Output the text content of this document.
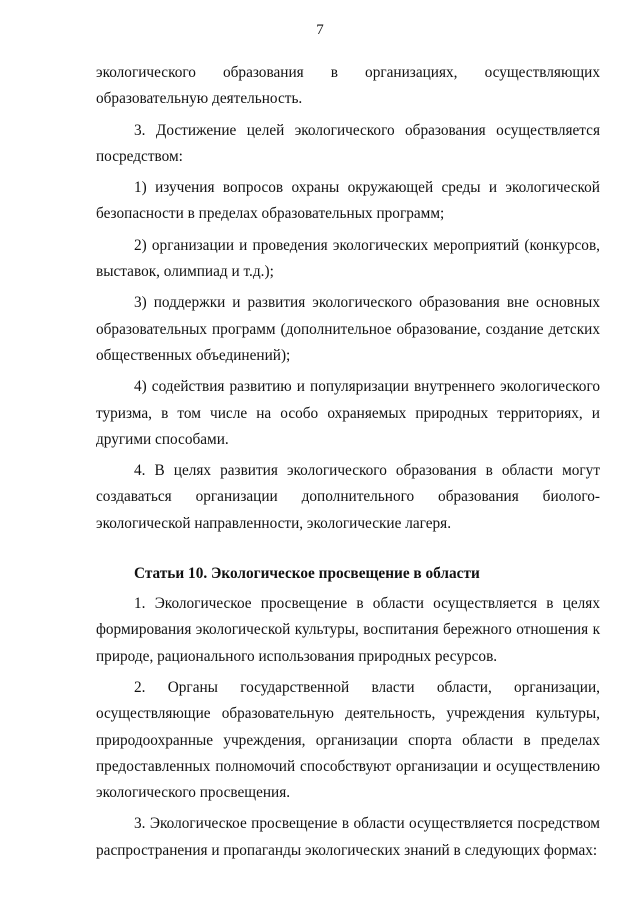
7

экологического образования в организациях, осуществляющих образовательную деятельность.

3. Достижение целей экологического образования осуществляется посредством:

1) изучения вопросов охраны окружающей среды и экологической безопасности в пределах образовательных программ;

2) организации и проведения экологических мероприятий (конкурсов, выставок, олимпиад и т.д.);

3) поддержки и развития экологического образования вне основных образовательных программ (дополнительное образование, создание детских общественных объединений);

4) содействия развитию и популяризации внутреннего экологического туризма, в том числе на особо охраняемых природных территориях, и другими способами.

4. В целях развития экологического образования в области могут создаваться организации дополнительного образования биолого-экологической направленности, экологические лагеря.

Статьи 10. Экологическое просвещение в области

1. Экологическое просвещение в области осуществляется в целях формирования экологической культуры, воспитания бережного отношения к природе, рационального использования природных ресурсов.

2. Органы государственной власти области, организации, осуществляющие образовательную деятельность, учреждения культуры, природоохранные учреждения, организации спорта области в пределах предоставленных полномочий способствуют организации и осуществлению экологического просвещения.

3. Экологическое просвещение в области осуществляется посредством распространения и пропаганды экологических знаний в следующих формах:
